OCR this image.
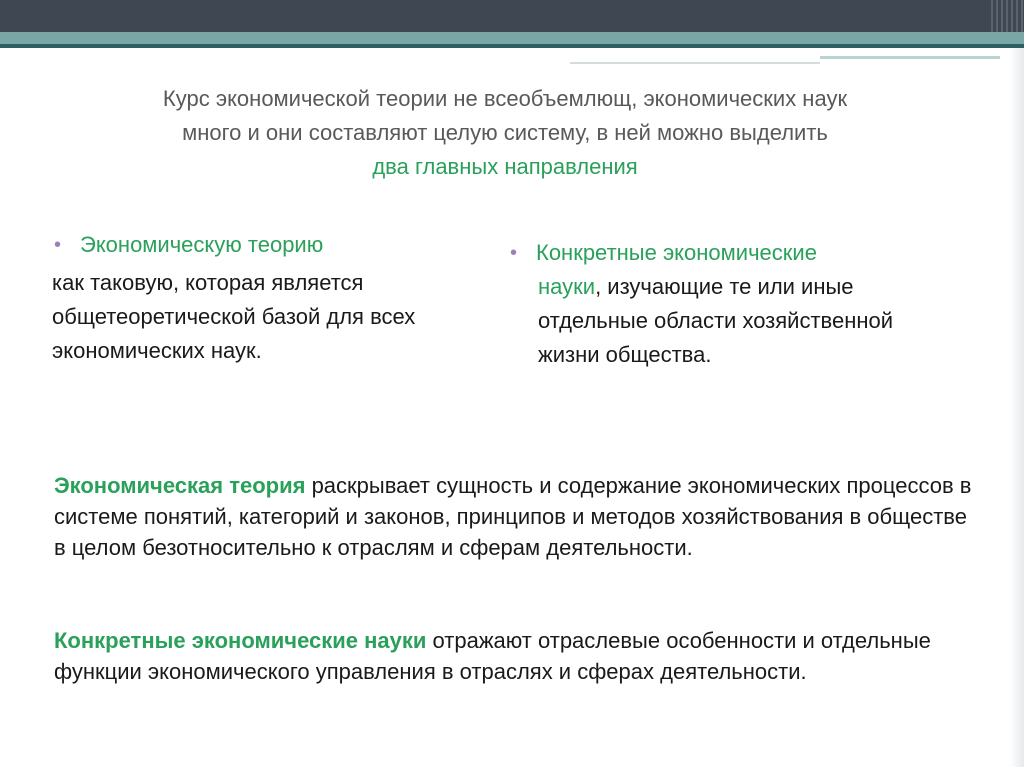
Курс экономической теории не всеобъемлющ, экономических наук
много и они составляют целую систему, в ней можно выделить
два главных направления
• Экономическую теорию
как таковую, которая является общетеоретической базой для всех экономических наук.
• Конкретные экономические
науки, изучающие те или иные отдельные области хозяйственной жизни общества.
Экономическая теория раскрывает сущность и содержание экономических процессов в системе понятий, категорий и законов, принципов и методов хозяйствования в обществе в целом безотносительно к отраслям и сферам деятельности.
Конкретные экономические науки отражают отраслевые особенности и отдельные функции экономического управления в отраслях и сферах деятельности.
